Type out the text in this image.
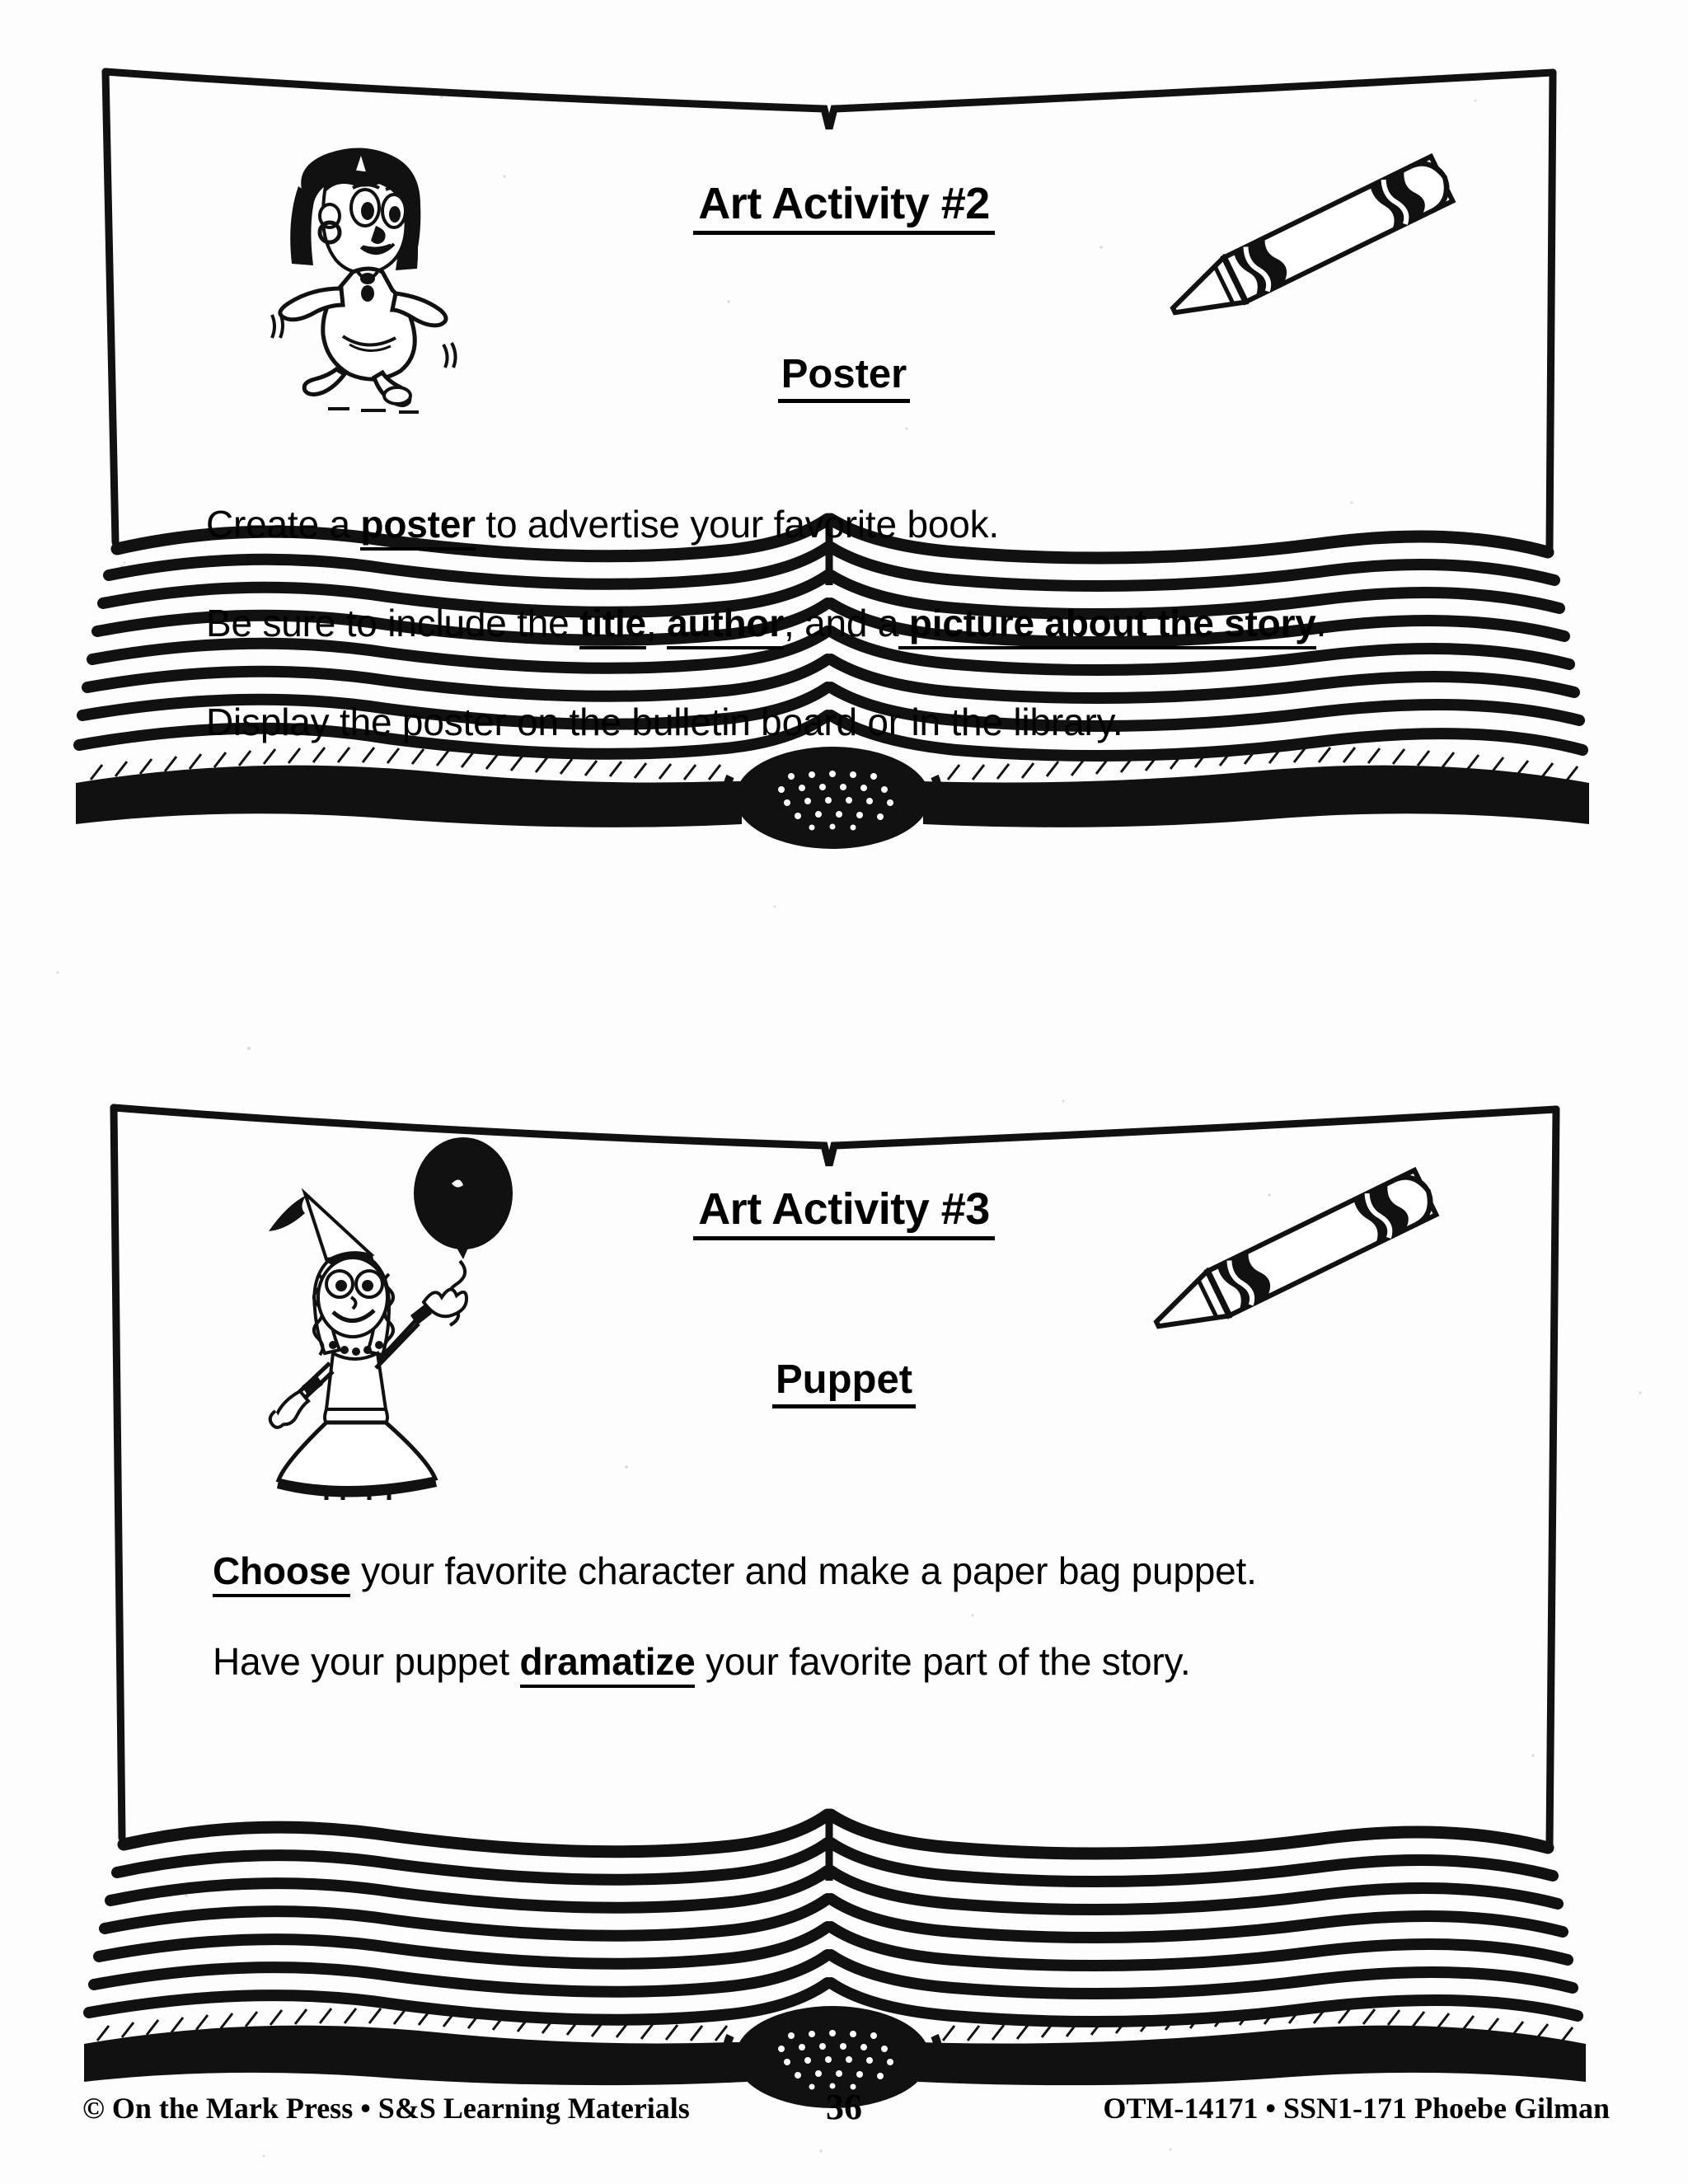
Art Activity #2
Poster
Create a poster to advertise your favorite book.
Be sure to include the title, author, and a picture about the story.
Display the poster on the bulletin board or in the library.
Art Activity #3
Puppet
Choose your favorite character and make a paper bag puppet.
Have your puppet dramatize your favorite part of the story.
© On the Mark Press • S&S Learning Materials	36	OTM-14171 • SSN1-171 Phoebe Gilman
